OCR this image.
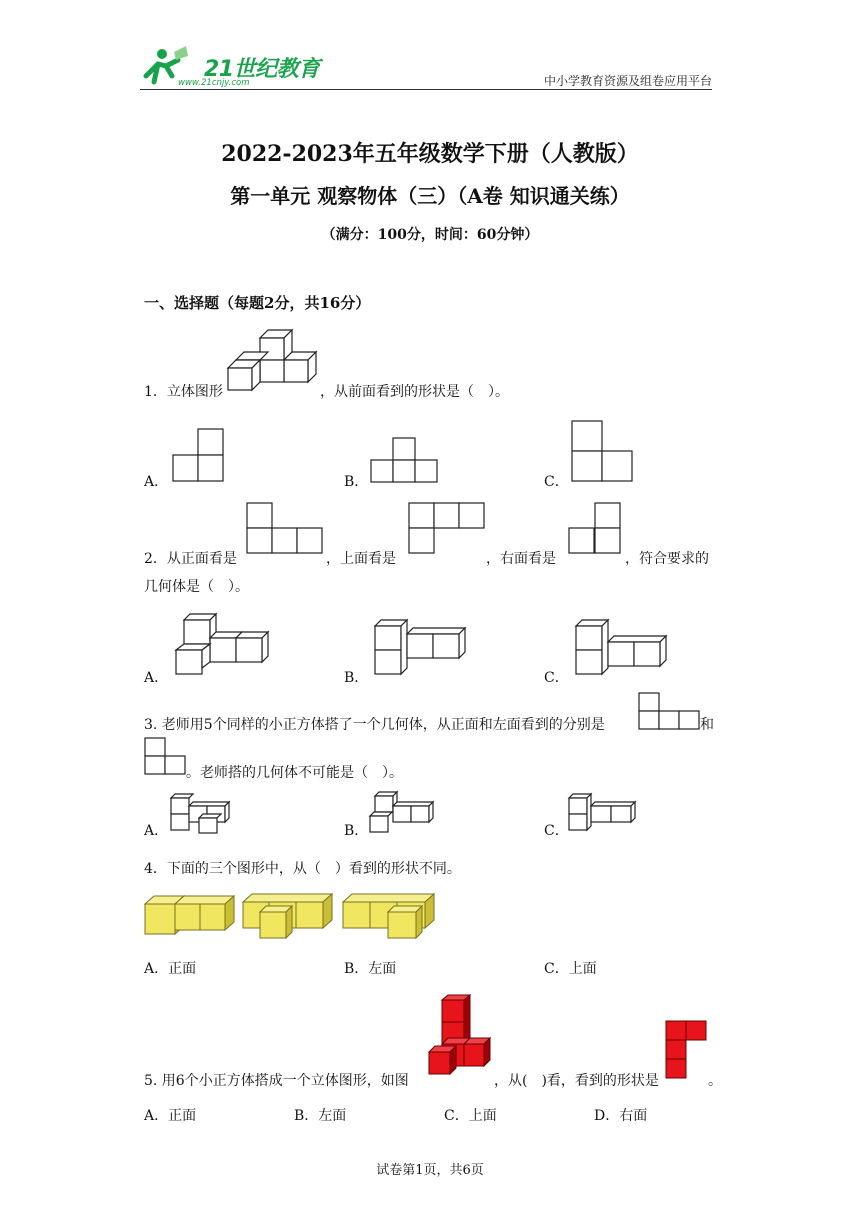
21世纪教育
www.21cnjy.com	中小学教育资源及组卷应用平台
2022-2023年五年级数学下册（人教版）
第一单元 观察物体（三）（A卷 知识通关练）
（满分：100分，时间：60分钟）
一、选择题（每题2分，共16分）
1．立体图形	，从前面看到的形状是（　）。
A．	B．	C．
2．从正面看是	，上面看是	，右面看是	，符合要求的
几何体是（　）。
A．	B．	C．
3. 老师用5个同样的小正方体搭了一个几何体，从正面和左面看到的分别是	和
。老师搭的几何体不可能是（　）。
A．	B．	C．
4．下面的三个图形中，从（　）看到的形状不同。
A．正面	B．左面	C．上面
5. 用6个小正方体搭成一个立体图形，如图	，从(　)看，看到的形状是	。
A．正面	B．左面	C．上面	D．右面
试卷第1页，共6页
